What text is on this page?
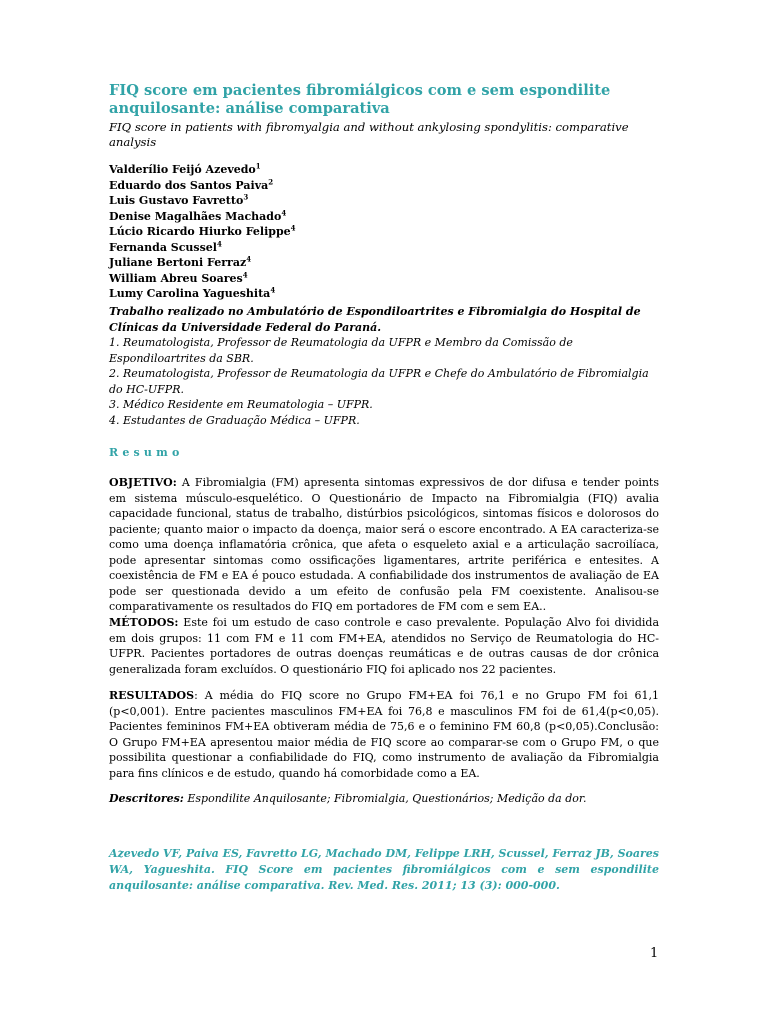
FIQ score em pacientes fibromiálgicos com e sem espondilite anquilosante: análise comparativa

FIQ score in patients with fibromyalgia and without ankylosing spondylitis: comparative analysis

Valderílio Feijó Azevedo$^1$
Eduardo dos Santos Paiva$^2$
Luis Gustavo Favretto$^3$
Denise Magalhães Machado$^4$
Lúcio Ricardo Hiurko Felippe$^4$
Fernanda Scussel$^4$
Juliane Bertoni Ferraz$^4$
William Abreu Soares$^4$
Lumy Carolina Yagueshita$^4$

Trabalho realizado no Ambulatório de Espondiloartrites e Fibromialgia do Hospital de Clínicas da Universidade Federal do Paraná.

1. Reumatologista, Professor de Reumatologia da UFPR e Membro da Comissão de Espondiloartrites da SBR.

2. Reumatologista, Professor de Reumatologia da UFPR e Chefe do Ambulatório de Fibromialgia do HC-UFPR.

3. Médico Residente em Reumatologia – UFPR.

4. Estudantes de Graduação Médica – UFPR.

Resumo

OBJETIVO: A Fibromialgia (FM) apresenta sintomas expressivos de dor difusa e tender points em sistema músculo-esquelético. O Questionário de Impacto na Fibromialgia (FIQ) avalia capacidade funcional, status de trabalho, distúrbios psicológicos, sintomas físicos e dolorosos do paciente; quanto maior o impacto da doença, maior será o escore encontrado. A EA caracteriza-se como uma doença inflamatória crônica, que afeta o esqueleto axial e a articulação sacroilíaca, pode apresentar sintomas como ossificações ligamentares, artrite periférica e entesites. A coexistência de FM e EA é pouco estudada. A confiabilidade dos instrumentos de avaliação de EA pode ser questionada devido a um efeito de confusão pela FM coexistente. Analisou-se comparativamente os resultados do FIQ em portadores de FM com e sem EA..

MÉTODOS: Este foi um estudo de caso controle e caso prevalente. População Alvo foi dividida em dois grupos: 11 com FM e 11 com FM+EA, atendidos no Serviço de Reumatologia do HC-UFPR. Pacientes portadores de outras doenças reumáticas e de outras causas de dor crônica generalizada foram excluídos. O questionário FIQ foi aplicado nos 22 pacientes.

RESULTADOS: A média do FIQ score no Grupo FM+EA foi 76,1 e no Grupo FM foi 61,1 (p<0,001). Entre pacientes masculinos FM+EA foi 76,8 e masculinos FM foi de 61,4(p<0,05). Pacientes femininos FM+EA obtiveram média de 75,6 e o feminino FM 60,8 (p<0,05).Conclusão: O Grupo FM+EA apresentou maior média de FIQ score ao comparar-se com o Grupo FM, o que possibilita questionar a confiabilidade do FIQ, como instrumento de avaliação da Fibromialgia para fins clínicos e de estudo, quando há comorbidade como a EA.

Descritores: Espondilite Anquilosante; Fibromialgia, Questionários; Medição da dor.

Azevedo VF, Paiva ES, Favretto LG, Machado DM, Felippe LRH, Scussel, Ferraz JB, Soares WA, Yagueshita. FIQ Score em pacientes fibromiálgicos com e sem espondilite anquilosante: análise comparativa. Rev. Med. Res. 2011; 13 (3): 000-000.

1
